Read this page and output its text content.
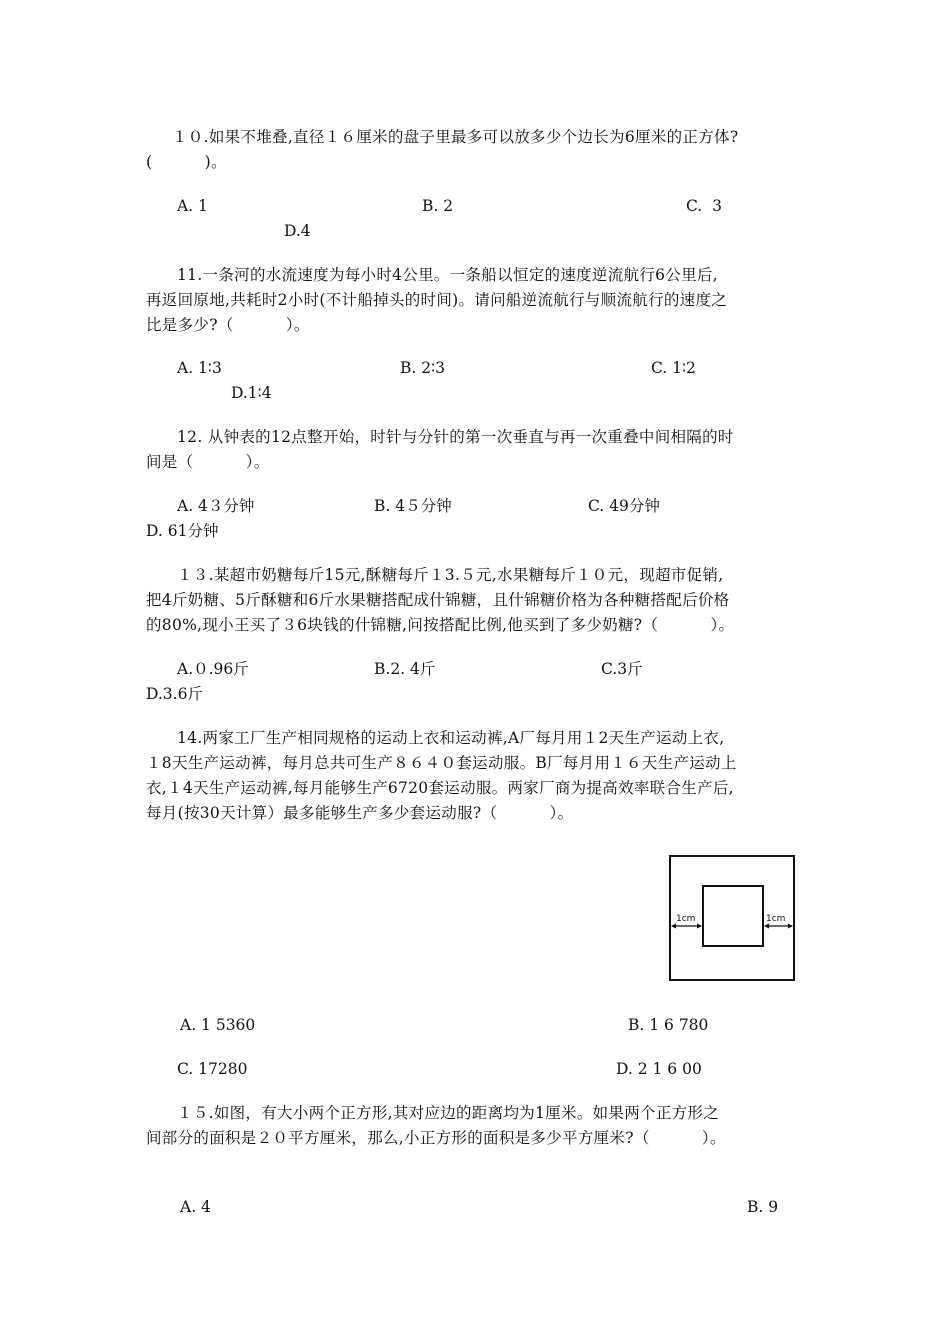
１０.如果不堆叠,直径１６厘米的盘子里最多可以放多少个边长为6厘米的正方体?
(          )。
A. 1	B. 2	C.  3
D.4
11.一条河的水流速度为每小时4公里。一条船以恒定的速度逆流航行6公里后,
再返回原地,共耗时2小时(不计船掉头的时间)。请问船逆流航行与顺流航行的速度之
比是多少?（          ）。
A. 1∶3	B. 2∶3	C. 1∶2
D.1∶4
12. 从钟表的12点整开始，时针与分针的第一次垂直与再一次重叠中间相隔的时
间是（          ）。
A. 4３分钟	B. 4５分钟	C. 49分钟
D. 61分钟
１３.某超市奶糖每斤15元,酥糖每斤１3.５元,水果糖每斤１０元，现超市促销,
把4斤奶糖、5斤酥糖和6斤水果糖搭配成什锦糖，且什锦糖价格为各种糖搭配后价格
的80%,现小王买了３6块钱的什锦糖,问按搭配比例,他买到了多少奶糖?（          ）。
A.０.96斤	B.2. 4斤	C.3斤
D.3.6斤
14.两家工厂生产相同规格的运动上衣和运动裤,A厂每月用１2天生产运动上衣,
１8天生产运动裤，每月总共可生产８６４０套运动服。B厂每月用１６天生产运动上
衣,１4天生产运动裤,每月能够生产6720套运动服。两家厂商为提高效率联合生产后,
每月(按30天计算）最多能够生产多少套运动服?（          ）。
1cm	1cm
A. 1 5360	B. 1 6 780
C. 17280	D. 2 1 6 00
１５.如图，有大小两个正方形,其对应边的距离均为1厘米。如果两个正方形之
间部分的面积是２０平方厘米，那么,小正方形的面积是多少平方厘米?（          ）。
A. 4	B. 9
